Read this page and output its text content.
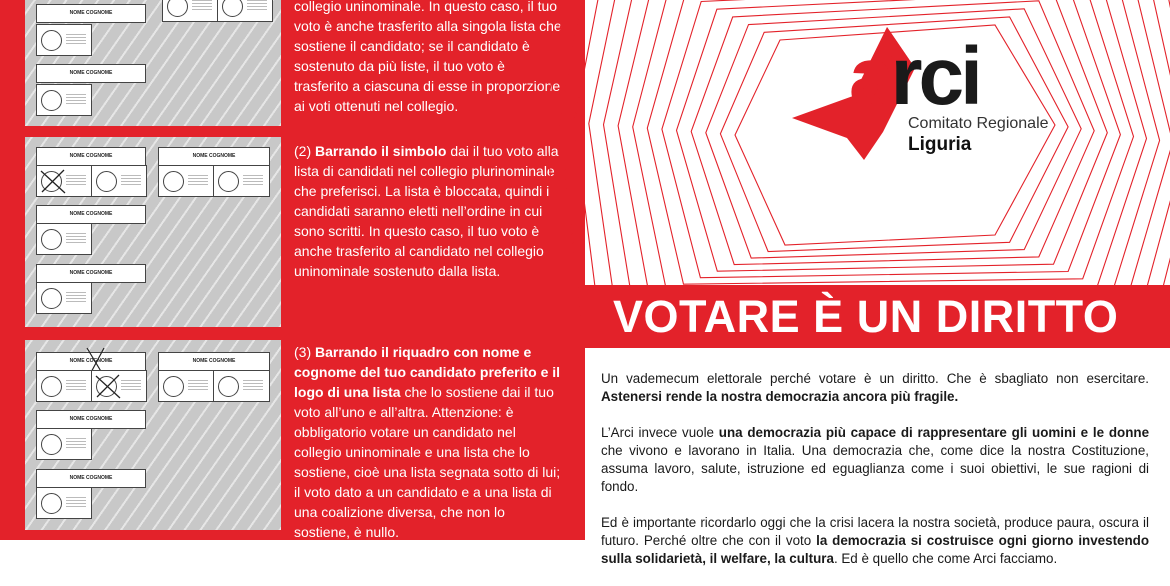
NOME COGNOME
NOME COGNOME
collegio uninominale. In questo caso, il tuo voto è anche trasferito alla singola lista che sostiene il candidato; se il candidato è sostenuto da più liste, il tuo voto è trasferito a ciascuna di esse in proporzione ai voti ottenuti nel collegio.
NOME COGNOME	NOME COGNOME
NOME COGNOME
NOME COGNOME
(2) Barrando il simbolo dai il tuo voto alla lista di candidati nel collegio plurinominale che preferisci. La lista è bloccata, quindi i candidati saranno eletti nell’ordine in cui sono scritti. In questo caso, il tuo voto è anche trasferito al candidato nel collegio uninominale sostenuto dalla lista.
NOME COGNOME	NOME COGNOME
NOME COGNOME
NOME COGNOME
(3) Barrando il riquadro con nome e cognome del tuo candidato preferito e il logo di una lista che lo sostiene dai il tuo voto all’uno e all’altra. Attenzione: è obbligatorio votare un candidato nel collegio uninominale e una lista che lo sostiene, cioè una lista segnata sotto di lui; il voto dato a un candidato e a una lista di una coalizione diversa, che non lo sostiene, è nullo.
arci
Comitato Regionale
Liguria
VOTARE È UN DIRITTO

Un vademecum elettorale perché votare è un diritto. Che è sbagliato non esercitare. Astenersi rende la nostra democrazia ancora più fragile.

L’Arci invece vuole una democrazia più capace di rappresentare gli uomini e le donne che vivono e lavorano in Italia. Una democrazia che, come dice la nostra Costituzione, assuma lavoro, salute, istruzione ed eguaglianza come i suoi obiettivi, le sue ragioni di fondo.

Ed è importante ricordarlo oggi che la crisi lacera la nostra società, produce paura, oscura il futuro. Perché oltre che con il voto la democrazia si costruisce ogni giorno investendo sulla solidarietà, il welfare, la cultura. Ed è quello che come Arci facciamo.
